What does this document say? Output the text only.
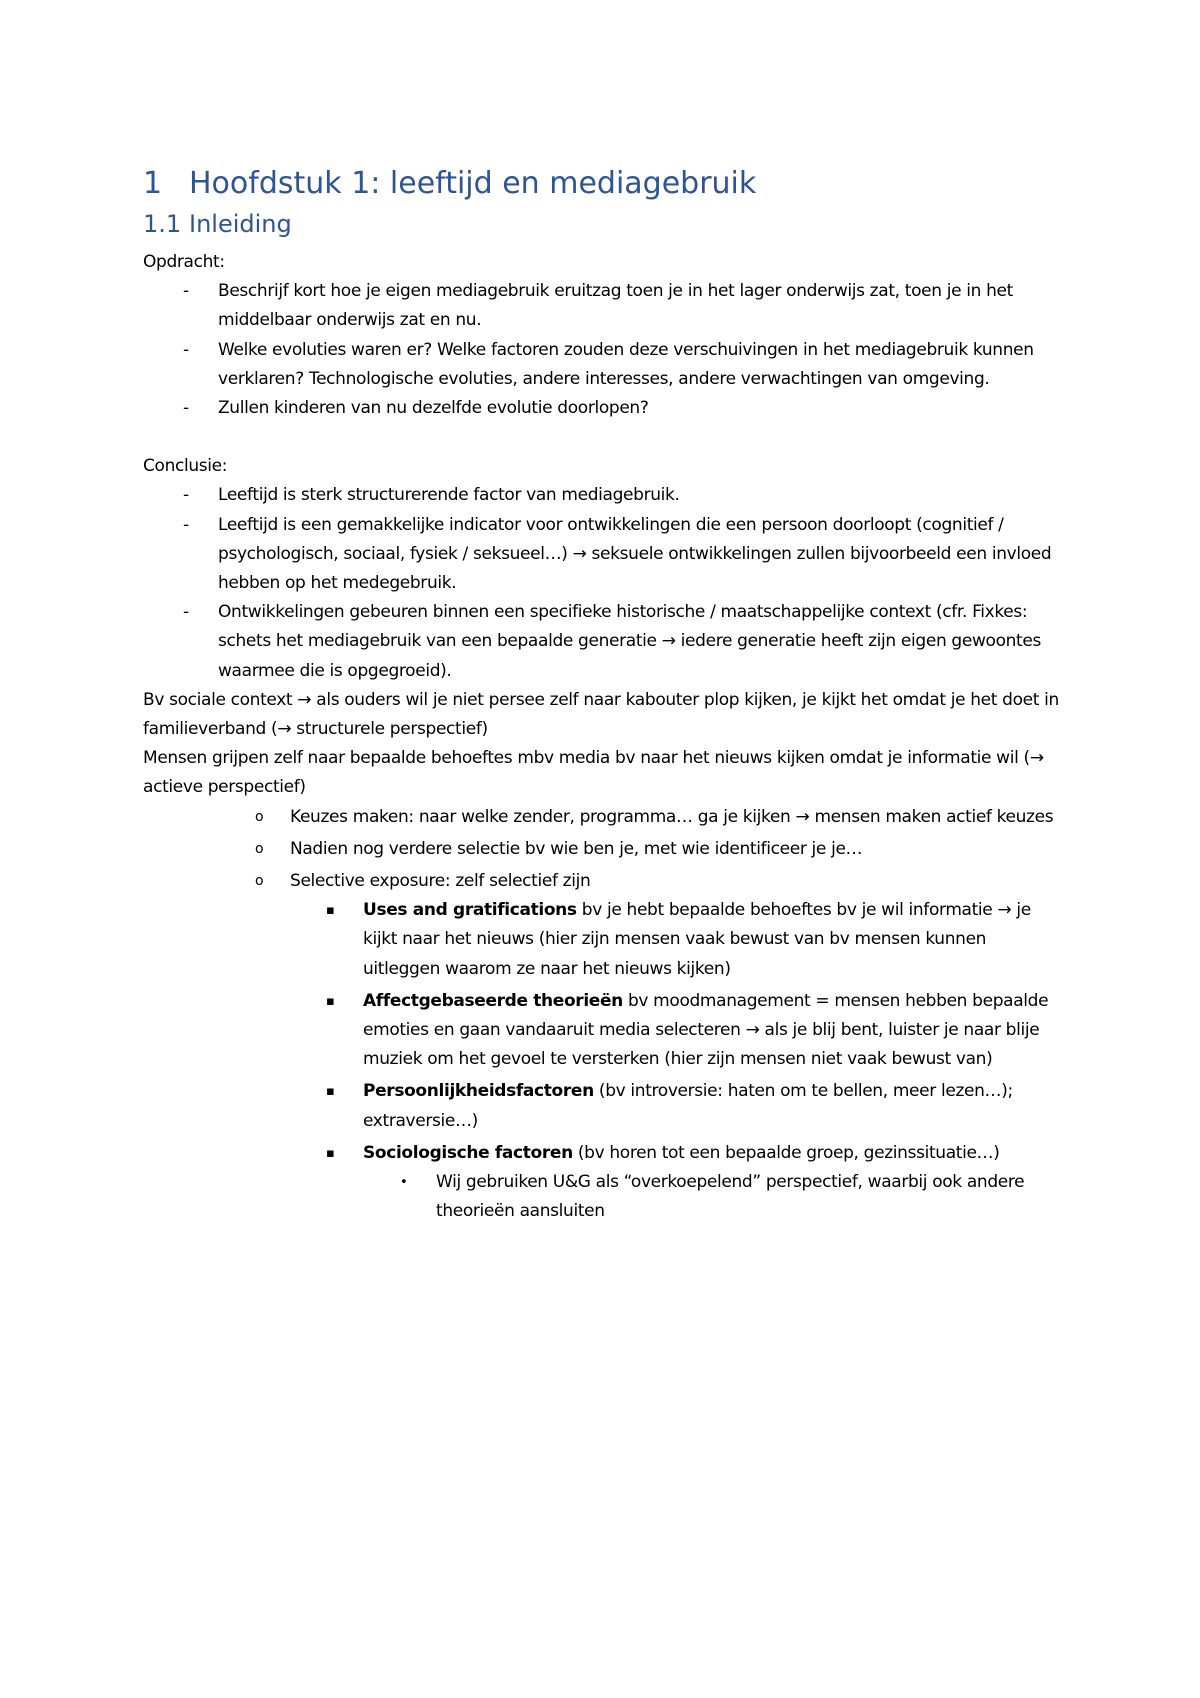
1 Hoofdstuk 1: leeftijd en mediagebruik
1.1 Inleiding

Opdracht:

- Beschrijf kort hoe je eigen mediagebruik eruitzag toen je in het lager onderwijs zat, toen je in het middelbaar onderwijs zat en nu.
- Welke evoluties waren er? Welke factoren zouden deze verschuivingen in het mediagebruik kunnen verklaren? Technologische evoluties, andere interesses, andere verwachtingen van omgeving.
- Zullen kinderen van nu dezelfde evolutie doorlopen?

Conclusie:

- Leeftijd is sterk structurerende factor van mediagebruik.
- Leeftijd is een gemakkelijke indicator voor ontwikkelingen die een persoon doorloopt (cognitief / psychologisch, sociaal, fysiek / seksueel…) → seksuele ontwikkelingen zullen bijvoorbeeld een invloed hebben op het medegebruik.
- Ontwikkelingen gebeuren binnen een specifieke historische / maatschappelijke context (cfr. Fixkes: schets het mediagebruik van een bepaalde generatie → iedere generatie heeft zijn eigen gewoontes waarmee die is opgegroeid).

Bv sociale context → als ouders wil je niet persee zelf naar kabouter plop kijken, je kijkt het omdat je het doet in familieverband (→ structurele perspectief)

Mensen grijpen zelf naar bepaalde behoeftes mbv media bv naar het nieuws kijken omdat je informatie wil (→ actieve perspectief)

o Keuzes maken: naar welke zender, programma… ga je kijken → mensen maken actief keuzes
o Nadien nog verdere selectie bv wie ben je, met wie identificeer je je…
o Selective exposure: zelf selectief zijn
▪ Uses and gratifications bv je hebt bepaalde behoeftes bv je wil informatie → je kijkt naar het nieuws (hier zijn mensen vaak bewust van bv mensen kunnen uitleggen waarom ze naar het nieuws kijken)
▪ Affectgebaseerde theorieën bv moodmanagement = mensen hebben bepaalde emoties en gaan vandaaruit media selecteren → als je blij bent, luister je naar blije muziek om het gevoel te versterken (hier zijn mensen niet vaak bewust van)
▪ Persoonlijkheidsfactoren (bv introversie: haten om te bellen, meer lezen…); extraversie…)
▪ Sociologische factoren (bv horen tot een bepaalde groep, gezinssituatie…)
• Wij gebruiken U&G als “overkoepelend” perspectief, waarbij ook andere theorieën aansluiten
